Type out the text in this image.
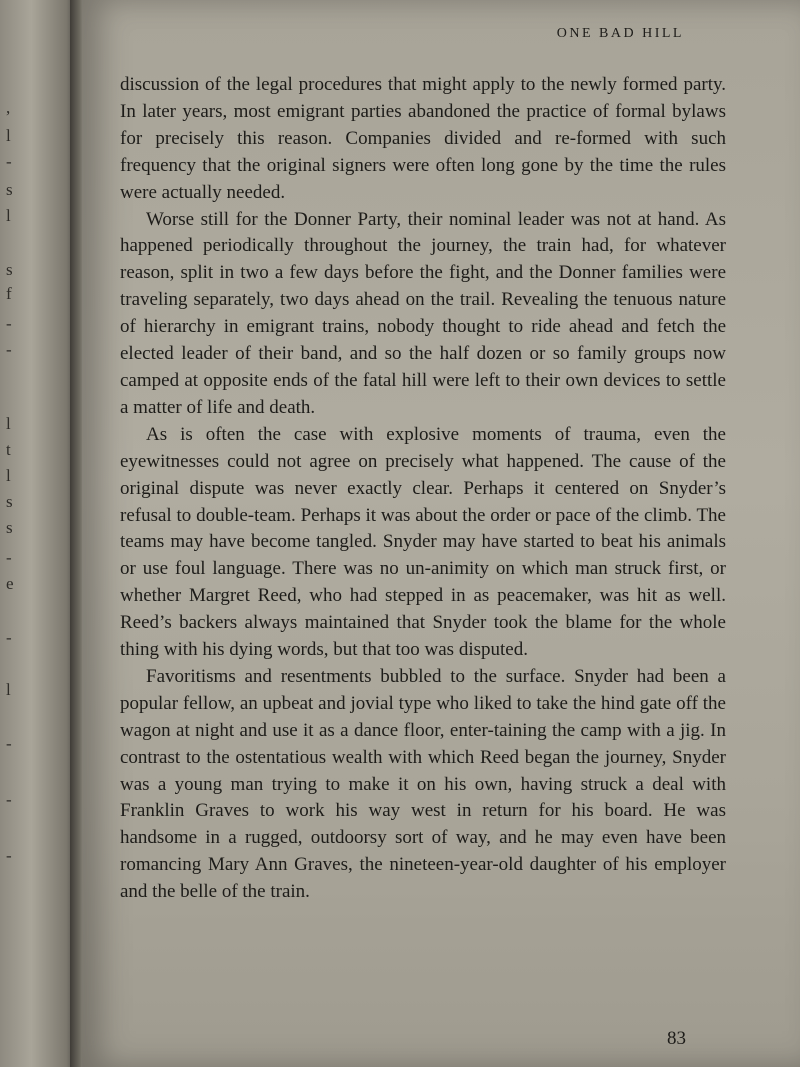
,
l
-
s
l
s
f
-
-
l
t
l
s
s
-
e
-
l
-
-
-
ONE BAD HILL

discussion of the legal procedures that might apply to the newly formed party. In later years, most emigrant parties abandoned the practice of formal bylaws for precisely this reason. Companies divided and re-formed with such frequency that the original signers were often long gone by the time the rules were actually needed.

Worse still for the Donner Party, their nominal leader was not at hand. As happened periodically throughout the journey, the train had, for whatever reason, split in two a few days before the fight, and the Donner families were traveling separately, two days ahead on the trail. Revealing the tenuous nature of hierarchy in emigrant trains, nobody thought to ride ahead and fetch the elected leader of their band, and so the half dozen or so family groups now camped at opposite ends of the fatal hill were left to their own devices to settle a matter of life and death.

As is often the case with explosive moments of trauma, even the eyewitnesses could not agree on precisely what happened. The cause of the original dispute was never exactly clear. Perhaps it centered on Snyder’s refusal to double-team. Perhaps it was about the order or pace of the climb. The teams may have become tangled. Snyder may have started to beat his animals or use foul language. There was no un-animity on which man struck first, or whether Margret Reed, who had stepped in as peacemaker, was hit as well. Reed’s backers always maintained that Snyder took the blame for the whole thing with his dying words, but that too was disputed.

Favoritisms and resentments bubbled to the surface. Snyder had been a popular fellow, an upbeat and jovial type who liked to take the hind gate off the wagon at night and use it as a dance floor, enter-taining the camp with a jig. In contrast to the ostentatious wealth with which Reed began the journey, Snyder was a young man trying to make it on his own, having struck a deal with Franklin Graves to work his way west in return for his board. He was handsome in a rugged, outdoorsy sort of way, and he may even have been romancing Mary Ann Graves, the nineteen-year-old daughter of his employer and the belle of the train.

83
